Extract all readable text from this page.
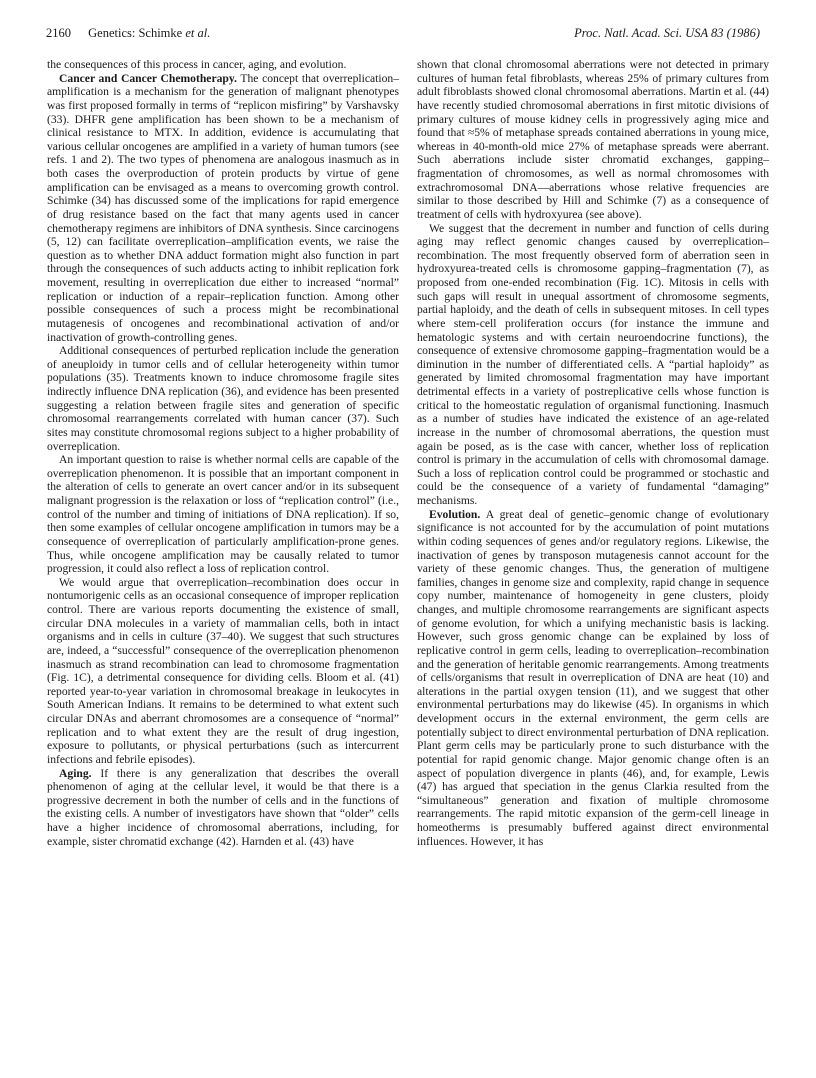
2160 Genetics: Schimke et al.	Proc. Natl. Acad. Sci. USA 83 (1986)

the consequences of this process in cancer, aging, and evolution.

Cancer and Cancer Chemotherapy. The concept that overreplication–amplification is a mechanism for the generation of malignant phenotypes was first proposed formally in terms of “replicon misfiring” by Varshavsky (33). DHFR gene amplification has been shown to be a mechanism of clinical resistance to MTX. In addition, evidence is accumulating that various cellular oncogenes are amplified in a variety of human tumors (see refs. 1 and 2). The two types of phenomena are analogous inasmuch as in both cases the overproduction of protein products by virtue of gene amplification can be envisaged as a means to overcoming growth control. Schimke (34) has discussed some of the implications for rapid emergence of drug resistance based on the fact that many agents used in cancer chemotherapy regimens are inhibitors of DNA synthesis. Since carcinogens (5, 12) can facilitate overreplication–amplification events, we raise the question as to whether DNA adduct formation might also function in part through the consequences of such adducts acting to inhibit replication fork movement, resulting in overreplication due either to increased “normal” replication or induction of a repair–replication function. Among other possible consequences of such a process might be recombinational mutagenesis of oncogenes and recombinational activation of and/or inactivation of growth-controlling genes.

Additional consequences of perturbed replication include the generation of aneuploidy in tumor cells and of cellular heterogeneity within tumor populations (35). Treatments known to induce chromosome fragile sites indirectly influence DNA replication (36), and evidence has been presented suggesting a relation between fragile sites and generation of specific chromosomal rearrangements correlated with human cancer (37). Such sites may constitute chromosomal regions subject to a higher probability of overreplication.

An important question to raise is whether normal cells are capable of the overreplication phenomenon. It is possible that an important component in the alteration of cells to generate an overt cancer and/or in its subsequent malignant progression is the relaxation or loss of “replication control” (i.e., control of the number and timing of initiations of DNA replication). If so, then some examples of cellular oncogene amplification in tumors may be a consequence of overreplication of particularly amplification-prone genes. Thus, while oncogene amplification may be causally related to tumor progression, it could also reflect a loss of replication control.

We would argue that overreplication–recombination does occur in nontumorigenic cells as an occasional consequence of improper replication control. There are various reports documenting the existence of small, circular DNA molecules in a variety of mammalian cells, both in intact organisms and in cells in culture (37–40). We suggest that such structures are, indeed, a “successful” consequence of the overreplication phenomenon inasmuch as strand recombination can lead to chromosome fragmentation (Fig. 1C), a detrimental consequence for dividing cells. Bloom et al. (41) reported year-to-year variation in chromosomal breakage in leukocytes in South American Indians. It remains to be determined to what extent such circular DNAs and aberrant chromosomes are a consequence of “normal” replication and to what extent they are the result of drug ingestion, exposure to pollutants, or physical perturbations (such as intercurrent infections and febrile episodes).

Aging. If there is any generalization that describes the overall phenomenon of aging at the cellular level, it would be that there is a progressive decrement in both the number of cells and in the functions of the existing cells. A number of investigators have shown that “older” cells have a higher incidence of chromosomal aberrations, including, for example, sister chromatid exchange (42). Harnden et al. (43) have

shown that clonal chromosomal aberrations were not detected in primary cultures of human fetal fibroblasts, whereas 25% of primary cultures from adult fibroblasts showed clonal chromosomal aberrations. Martin et al. (44) have recently studied chromosomal aberrations in first mitotic divisions of primary cultures of mouse kidney cells in progressively aging mice and found that ≈5% of metaphase spreads contained aberrations in young mice, whereas in 40-month-old mice 27% of metaphase spreads were aberrant. Such aberrations include sister chromatid exchanges, gapping–fragmentation of chromosomes, as well as normal chromosomes with extrachromosomal DNA—aberrations whose relative frequencies are similar to those described by Hill and Schimke (7) as a consequence of treatment of cells with hydroxyurea (see above).

We suggest that the decrement in number and function of cells during aging may reflect genomic changes caused by overreplication–recombination. The most frequently observed form of aberration seen in hydroxyurea-treated cells is chromosome gapping–fragmentation (7), as proposed from one-ended recombination (Fig. 1C). Mitosis in cells with such gaps will result in unequal assortment of chromosome segments, partial haploidy, and the death of cells in subsequent mitoses. In cell types where stem-cell proliferation occurs (for instance the immune and hematologic systems and with certain neuroendocrine functions), the consequence of extensive chromosome gapping–fragmentation would be a diminution in the number of differentiated cells. A “partial haploidy” as generated by limited chromosomal fragmentation may have important detrimental effects in a variety of postreplicative cells whose function is critical to the homeostatic regulation of organismal functioning. Inasmuch as a number of studies have indicated the existence of an age-related increase in the number of chromosomal aberrations, the question must again be posed, as is the case with cancer, whether loss of replication control is primary in the accumulation of cells with chromosomal damage. Such a loss of replication control could be programmed or stochastic and could be the consequence of a variety of fundamental “damaging” mechanisms.

Evolution. A great deal of genetic–genomic change of evolutionary significance is not accounted for by the accumulation of point mutations within coding sequences of genes and/or regulatory regions. Likewise, the inactivation of genes by transposon mutagenesis cannot account for the variety of these genomic changes. Thus, the generation of multigene families, changes in genome size and complexity, rapid change in sequence copy number, maintenance of homogeneity in gene clusters, ploidy changes, and multiple chromosome rearrangements are significant aspects of genome evolution, for which a unifying mechanistic basis is lacking. However, such gross genomic change can be explained by loss of replicative control in germ cells, leading to overreplication–recombination and the generation of heritable genomic rearrangements. Among treatments of cells/organisms that result in overreplication of DNA are heat (10) and alterations in the partial oxygen tension (11), and we suggest that other environmental perturbations may do likewise (45). In organisms in which development occurs in the external environment, the germ cells are potentially subject to direct environmental perturbation of DNA replication. Plant germ cells may be particularly prone to such disturbance with the potential for rapid genomic change. Major genomic change often is an aspect of population divergence in plants (46), and, for example, Lewis (47) has argued that speciation in the genus Clarkia resulted from the “simultaneous” generation and fixation of multiple chromosome rearrangements. The rapid mitotic expansion of the germ-cell lineage in homeotherms is presumably buffered against direct environmental influences. However, it has
